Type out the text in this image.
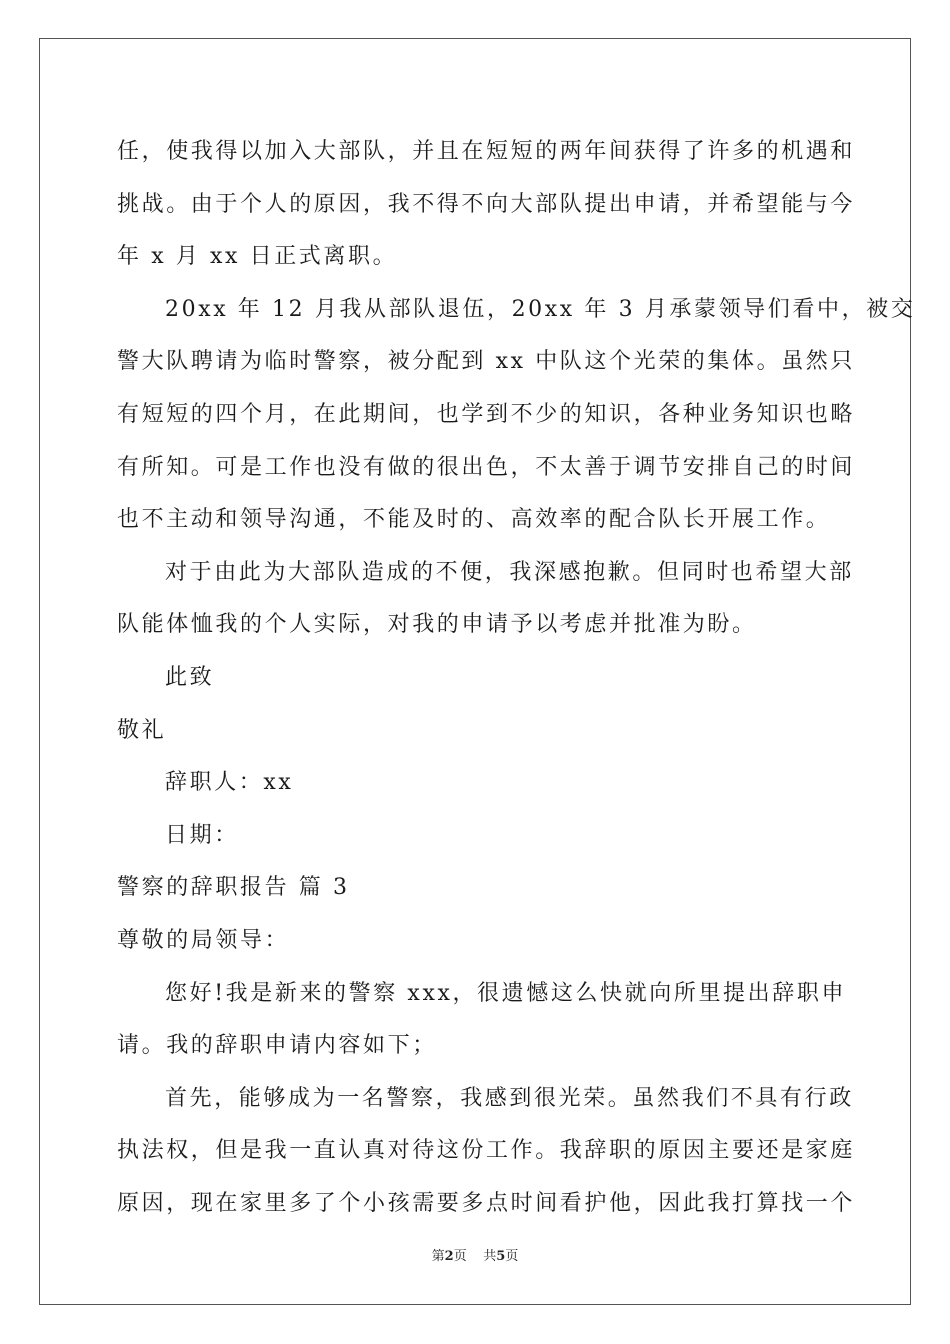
任，使我得以加入大部队，并且在短短的两年间获得了许多的机遇和
挑战。由于个人的原因，我不得不向大部队提出申请，并希望能与今
年 x 月 xx 日正式离职。
20xx 年 12 月我从部队退伍，20xx 年 3 月承蒙领导们看中，被交
警大队聘请为临时警察，被分配到 xx 中队这个光荣的集体。虽然只
有短短的四个月，在此期间，也学到不少的知识，各种业务知识也略
有所知。可是工作也没有做的很出色，不太善于调节安排自己的时间
也不主动和领导沟通，不能及时的、高效率的配合队长开展工作。
对于由此为大部队造成的不便，我深感抱歉。但同时也希望大部
队能体恤我的个人实际，对我的申请予以考虑并批准为盼。
此致
敬礼
辞职人：xx
日期：
警察的辞职报告 篇 3
尊敬的局领导：
您好!我是新来的警察 xxx，很遗憾这么快就向所里提出辞职申
请。我的辞职申请内容如下；
首先，能够成为一名警察，我感到很光荣。虽然我们不具有行政
执法权，但是我一直认真对待这份工作。我辞职的原因主要还是家庭
原因，现在家里多了个小孩需要多点时间看护他，因此我打算找一个
第2页 共5页
